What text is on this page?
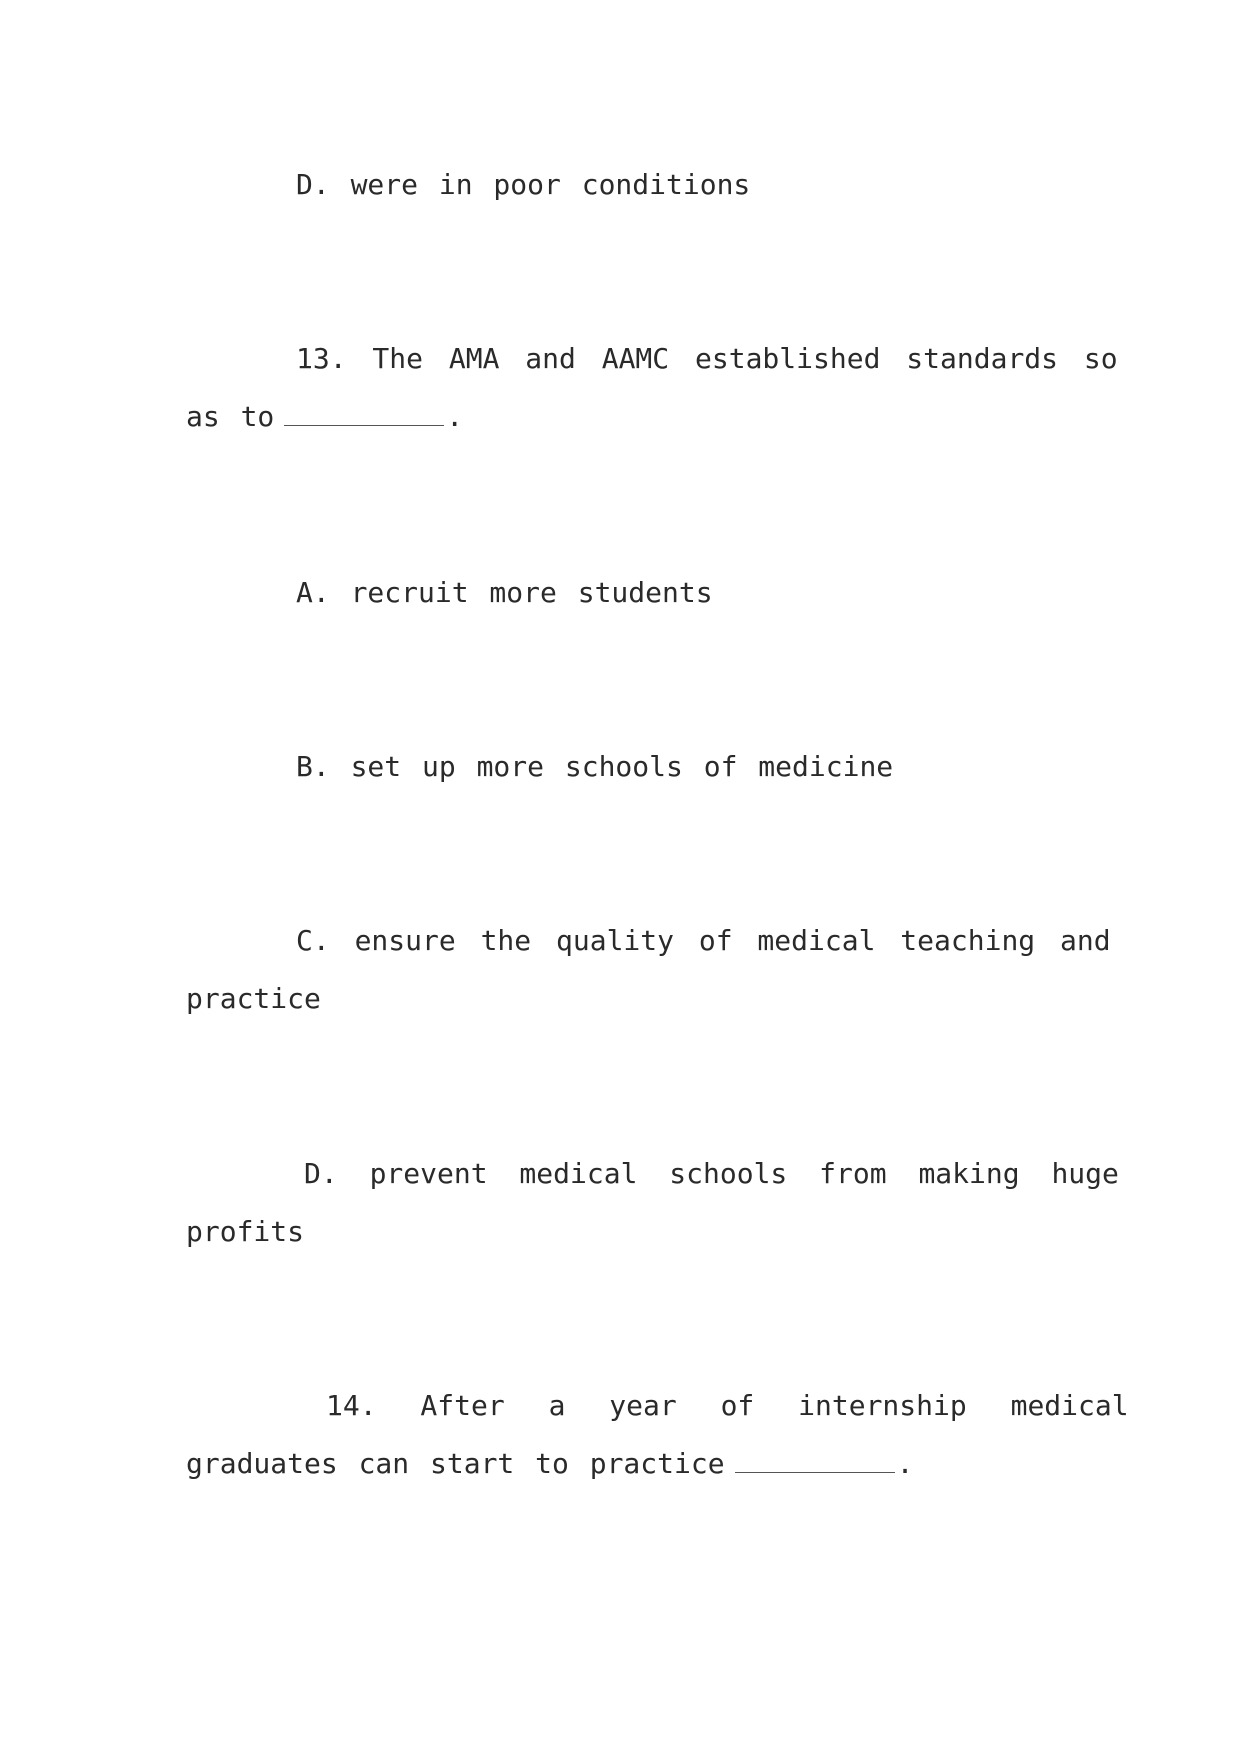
D. were in poor conditions
13. The AMA and AAMC established standards so
as to	.
A. recruit more students
B. set up more schools of medicine
C. ensure the quality of medical teaching and
practice
D. prevent medical schools from making huge
profits
14. After a year of internship medical
graduates can start to practice	.
